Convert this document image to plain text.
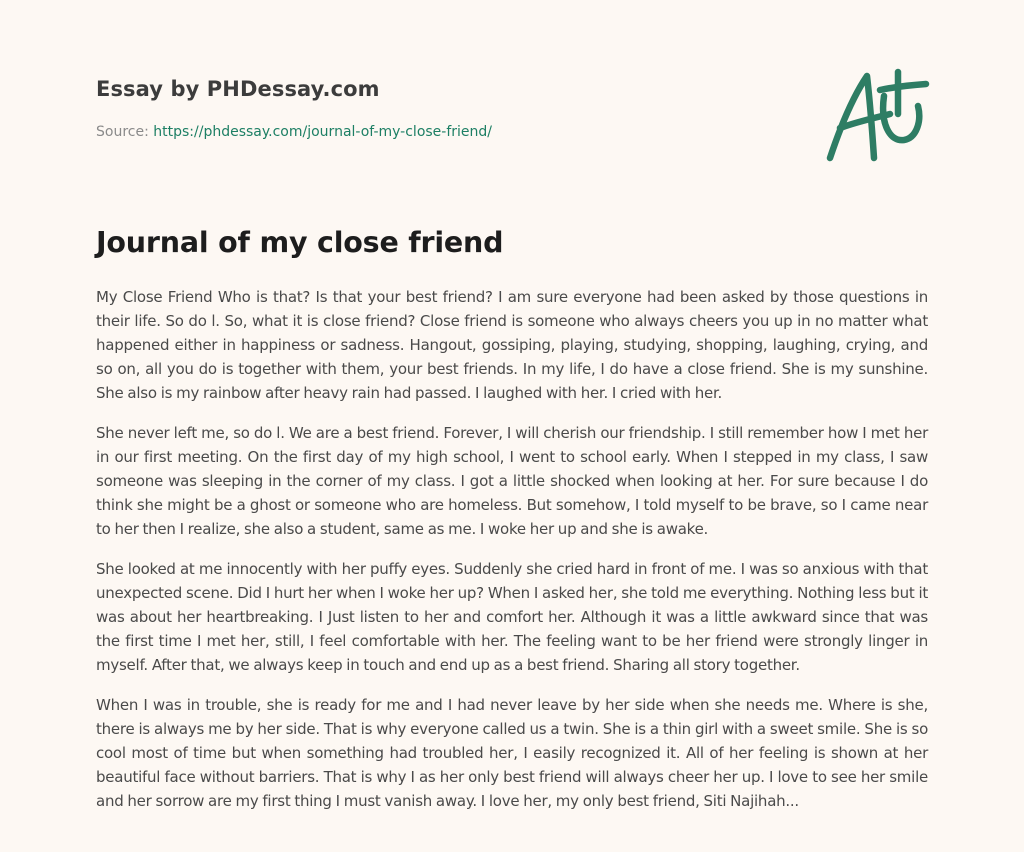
Essay by PHDessay.com

Source: https://phdessay.com/journal-of-my-close-friend/

Journal of my close friend

My Close Friend Who is that? Is that your best friend? I am sure everyone had been asked by those questions in their life. So do l. So, what it is close friend? Close friend is someone who always cheers you up in no matter what happened either in happiness or sadness. Hangout, gossiping, playing, studying, shopping, laughing, crying, and so on, all you do is together with them, your best friends. In my life, I do have a close friend. She is my sunshine. She also is my rainbow after heavy rain had passed. I laughed with her. I cried with her.

She never left me, so do l. We are a best friend. Forever, I will cherish our friendship. I still remember how I met her in our first meeting. On the first day of my high school, I went to school early. When I stepped in my class, I saw someone was sleeping in the corner of my class. I got a little shocked when looking at her. For sure because I do think she might be a ghost or someone who are homeless. But somehow, I told myself to be brave, so I came near to her then I realize, she also a student, same as me. I woke her up and she is awake.

She looked at me innocently with her puffy eyes. Suddenly she cried hard in front of me. I was so anxious with that unexpected scene. Did I hurt her when I woke her up? When I asked her, she told me everything. Nothing less but it was about her heartbreaking. I Just listen to her and comfort her. Although it was a little awkward since that was the first time I met her, still, I feel comfortable with her. The feeling want to be her friend were strongly linger in myself. After that, we always keep in touch and end up as a best friend. Sharing all story together.

When I was in trouble, she is ready for me and I had never leave by her side when she needs me. Where is she, there is always me by her side. That is why everyone called us a twin. She is a thin girl with a sweet smile. She is so cool most of time but when something had troubled her, I easily recognized it. All of her feeling is shown at her beautiful face without barriers. That is why I as her only best friend will always cheer her up. I love to see her smile and her sorrow are my first thing I must vanish away. I love her, my only best friend, Siti Najihah...
